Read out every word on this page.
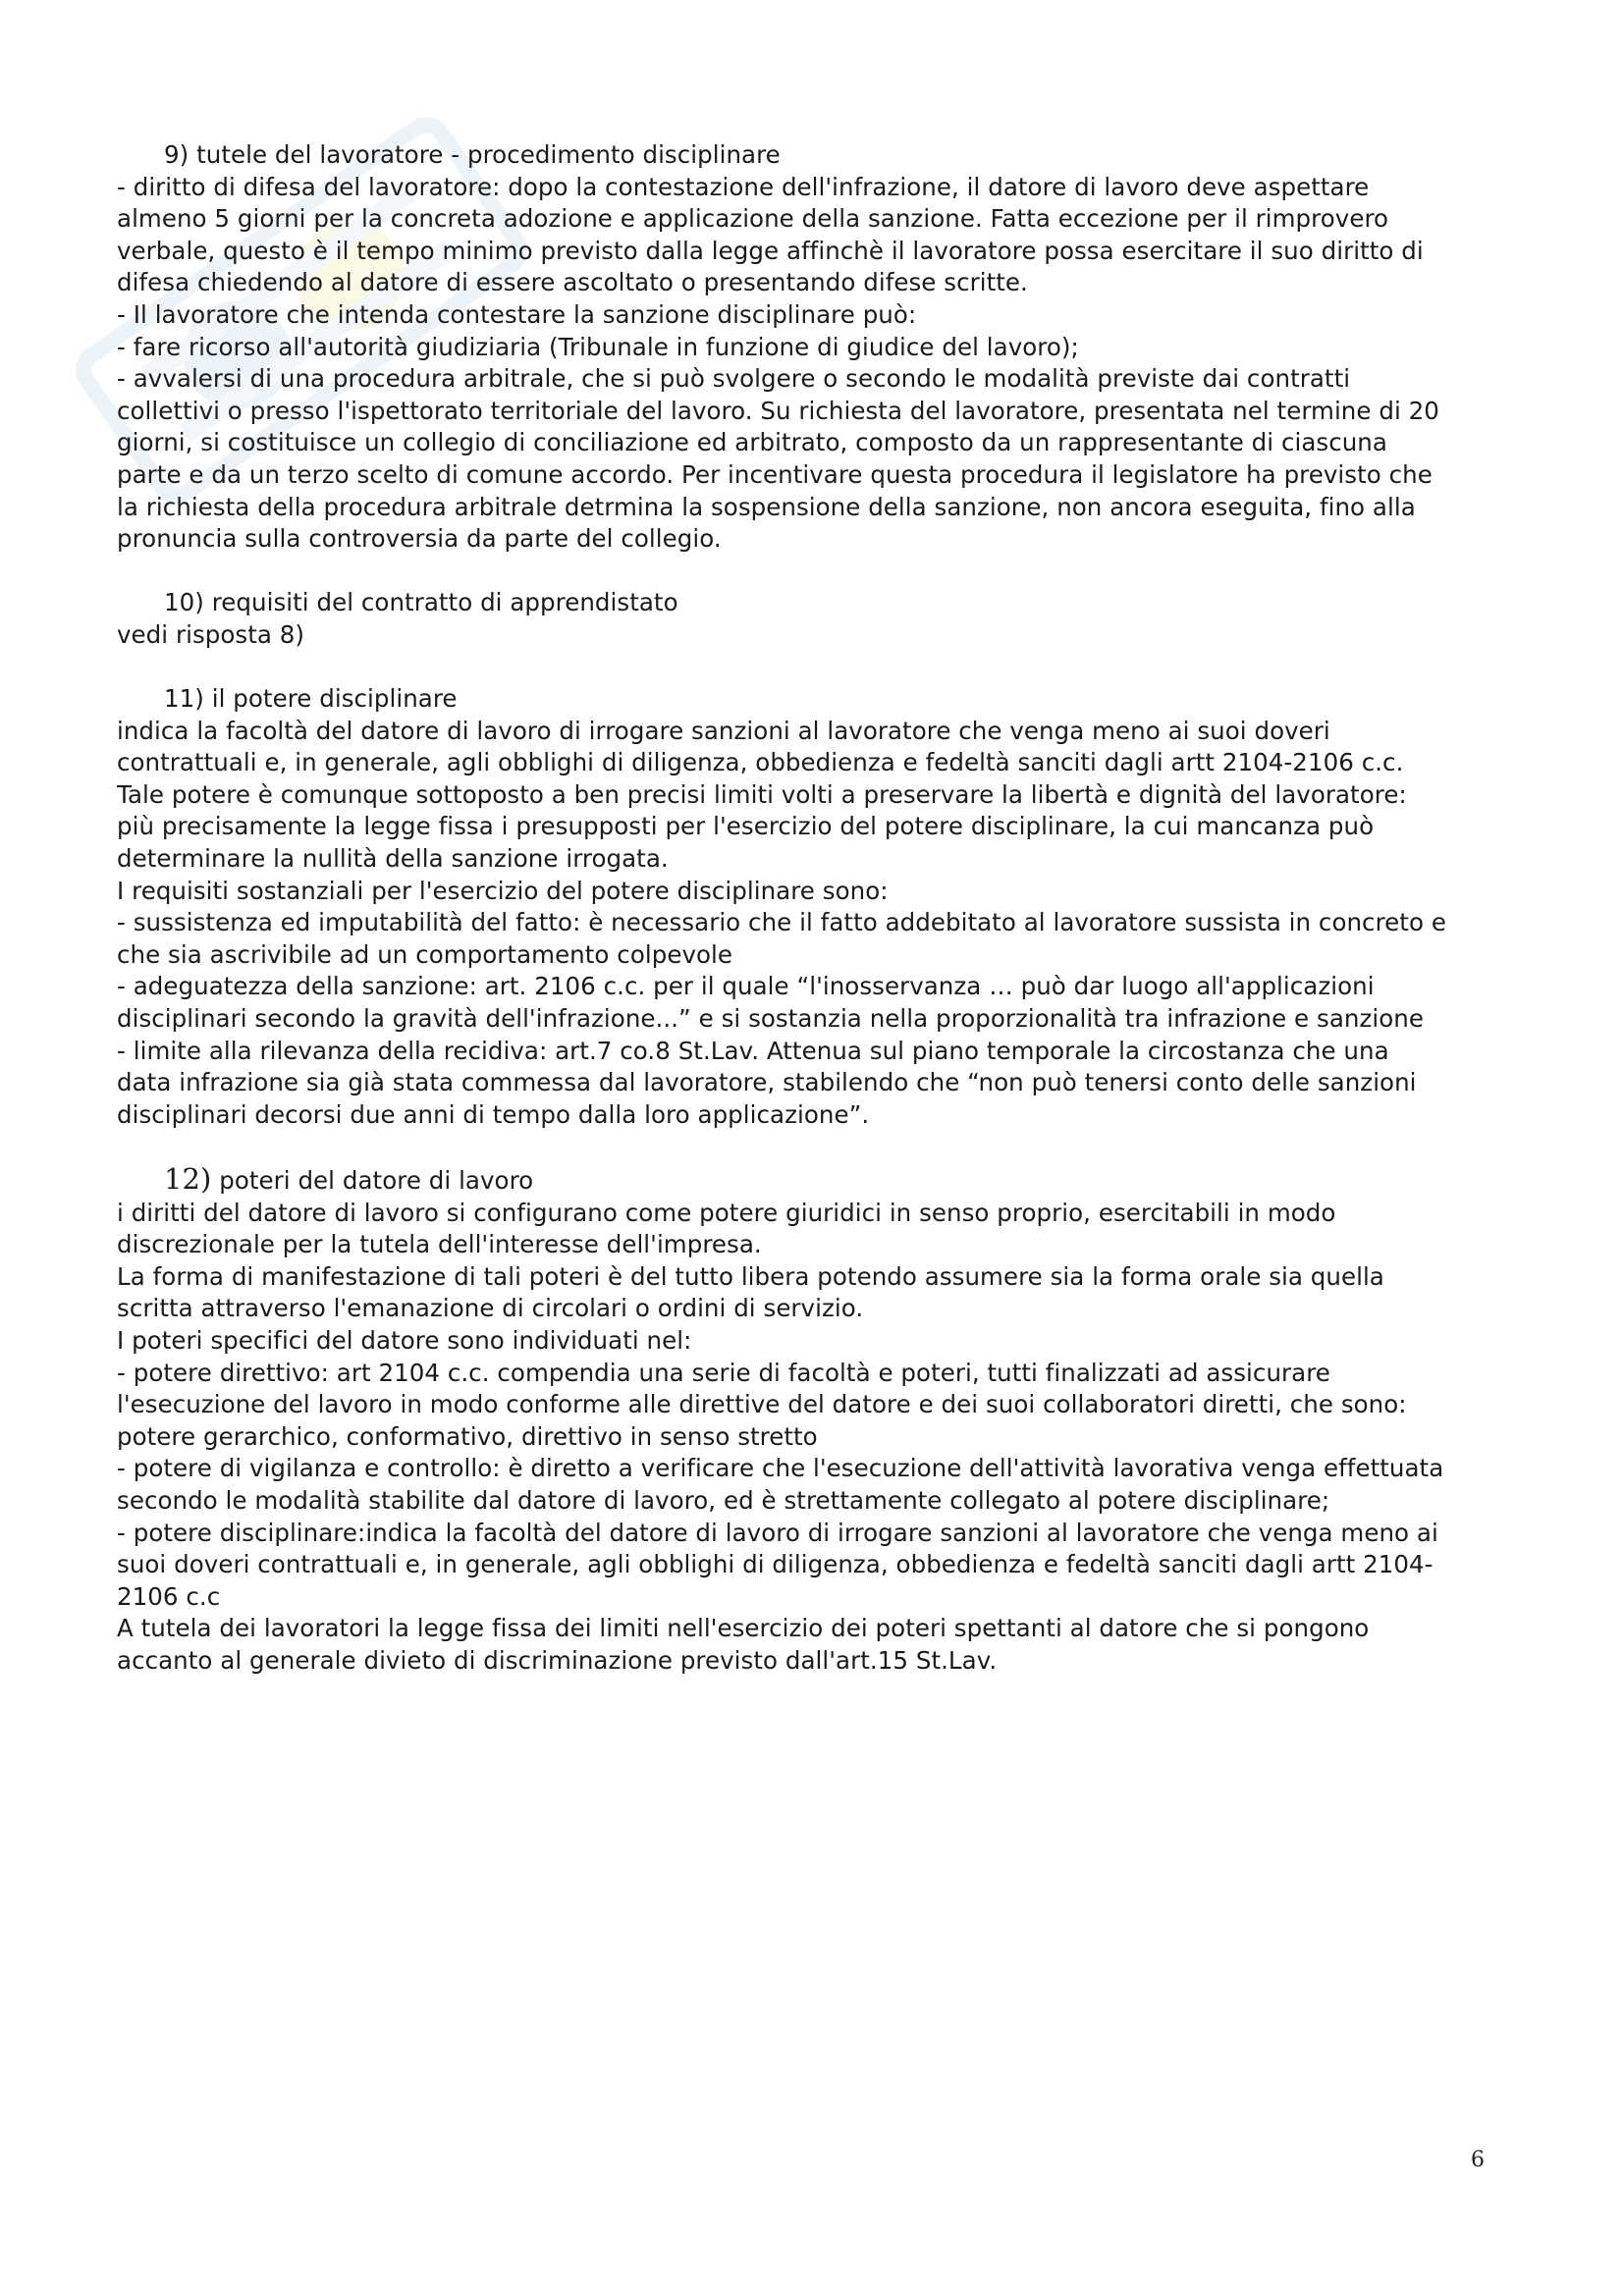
9) tutele del lavoratore - procedimento disciplinare
- diritto di difesa del lavoratore: dopo la contestazione dell'infrazione, il datore di lavoro deve aspettare
almeno 5 giorni per la concreta adozione e applicazione della sanzione. Fatta eccezione per il rimprovero
verbale, questo è il tempo minimo previsto dalla legge affinchè il lavoratore possa esercitare il suo diritto di
difesa chiedendo al datore di essere ascoltato o presentando difese scritte.
- Il lavoratore che intenda contestare la sanzione disciplinare può:
- fare ricorso all'autorità giudiziaria (Tribunale in funzione di giudice del lavoro);
- avvalersi di una procedura arbitrale, che si può svolgere o secondo le modalità previste dai contratti
collettivi o presso l'ispettorato territoriale del lavoro. Su richiesta del lavoratore, presentata nel termine di 20
giorni, si costituisce un collegio di conciliazione ed arbitrato, composto da un rappresentante di ciascuna
parte e da un terzo scelto di comune accordo. Per incentivare questa procedura il legislatore ha previsto che
la richiesta della procedura arbitrale detrmina la sospensione della sanzione, non ancora eseguita, fino alla
pronuncia sulla controversia da parte del collegio.
10) requisiti del contratto di apprendistato
vedi risposta 8)
11) il potere disciplinare
indica la facoltà del datore di lavoro di irrogare sanzioni al lavoratore che venga meno ai suoi doveri
contrattuali e, in generale, agli obblighi di diligenza, obbedienza e fedeltà sanciti dagli artt 2104-2106 c.c.
Tale potere è comunque sottoposto a ben precisi limiti volti a preservare la libertà e dignità del lavoratore:
più precisamente la legge fissa i presupposti per l'esercizio del potere disciplinare, la cui mancanza può
determinare la nullità della sanzione irrogata.
I requisiti sostanziali per l'esercizio del potere disciplinare sono:
- sussistenza ed imputabilità del fatto: è necessario che il fatto addebitato al lavoratore sussista in concreto e
che sia ascrivibile ad un comportamento colpevole
- adeguatezza della sanzione: art. 2106 c.c. per il quale “l'inosservanza … può dar luogo all'applicazioni
disciplinari secondo la gravità dell'infrazione...” e si sostanzia nella proporzionalità tra infrazione e sanzione
- limite alla rilevanza della recidiva: art.7 co.8 St.Lav. Attenua sul piano temporale la circostanza che una
data infrazione sia già stata commessa dal lavoratore, stabilendo che “non può tenersi conto delle sanzioni
disciplinari decorsi due anni di tempo dalla loro applicazione”.
12) poteri del datore di lavoro
i diritti del datore di lavoro si configurano come potere giuridici in senso proprio, esercitabili in modo
discrezionale per la tutela dell'interesse dell'impresa.
La forma di manifestazione di tali poteri è del tutto libera potendo assumere sia la forma orale sia quella
scritta attraverso l'emanazione di circolari o ordini di servizio.
I poteri specifici del datore sono individuati nel:
- potere direttivo: art 2104 c.c. compendia una serie di facoltà e poteri, tutti finalizzati ad assicurare
l'esecuzione del lavoro in modo conforme alle direttive del datore e dei suoi collaboratori diretti, che sono:
potere gerarchico, conformativo, direttivo in senso stretto
- potere di vigilanza e controllo: è diretto a verificare che l'esecuzione dell'attività lavorativa venga effettuata
secondo le modalità stabilite dal datore di lavoro, ed è strettamente collegato al potere disciplinare;
- potere disciplinare:indica la facoltà del datore di lavoro di irrogare sanzioni al lavoratore che venga meno ai
suoi doveri contrattuali e, in generale, agli obblighi di diligenza, obbedienza e fedeltà sanciti dagli artt 2104-
2106 c.c
A tutela dei lavoratori la legge fissa dei limiti nell'esercizio dei poteri spettanti al datore che si pongono
accanto al generale divieto di discriminazione previsto dall'art.15 St.Lav.
6
